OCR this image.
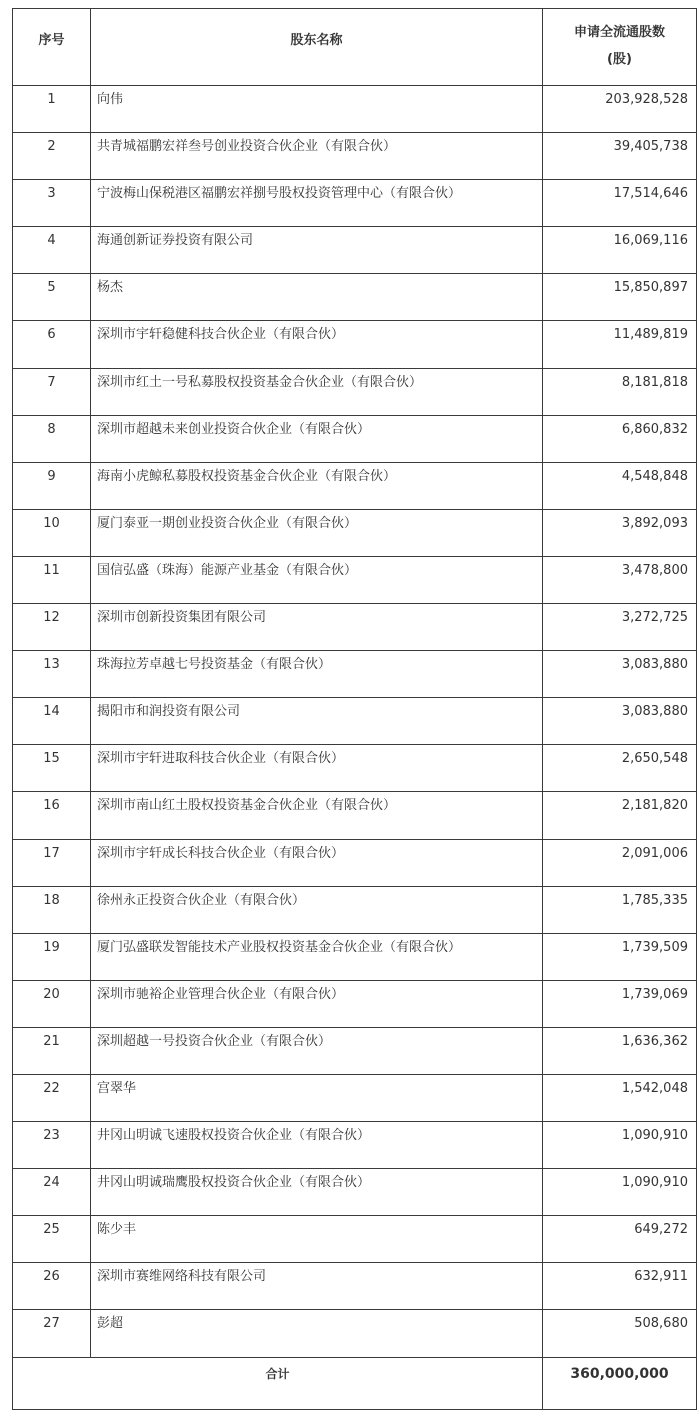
序号	股东名称	申请全流通股数
(股)

1	向伟	203,928,528
2	共青城福鹏宏祥叁号创业投资合伙企业（有限合伙）	39,405,738
3	宁波梅山保税港区福鹏宏祥捌号股权投资管理中心（有限合伙）	17,514,646
4	海通创新证券投资有限公司	16,069,116
5	杨杰	15,850,897
6	深圳市宇轩稳健科技合伙企业（有限合伙）	11,489,819
7	深圳市红土一号私募股权投资基金合伙企业（有限合伙）	8,181,818
8	深圳市超越未来创业投资合伙企业（有限合伙）	6,860,832
9	海南小虎鲸私募股权投资基金合伙企业（有限合伙）	4,548,848
10	厦门泰亚一期创业投资合伙企业（有限合伙）	3,892,093
11	国信弘盛（珠海）能源产业基金（有限合伙）	3,478,800
12	深圳市创新投资集团有限公司	3,272,725
13	珠海拉芳卓越七号投资基金（有限合伙）	3,083,880
14	揭阳市和润投资有限公司	3,083,880
15	深圳市宇轩进取科技合伙企业（有限合伙）	2,650,548
16	深圳市南山红土股权投资基金合伙企业（有限合伙）	2,181,820
17	深圳市宇轩成长科技合伙企业（有限合伙）	2,091,006
18	徐州永正投资合伙企业（有限合伙）	1,785,335
19	厦门弘盛联发智能技术产业股权投资基金合伙企业（有限合伙）	1,739,509
20	深圳市驰裕企业管理合伙企业（有限合伙）	1,739,069
21	深圳超越一号投资合伙企业（有限合伙）	1,636,362
22	宫翠华	1,542,048
23	井冈山明诚飞速股权投资合伙企业（有限合伙）	1,090,910
24	井冈山明诚瑞鹰股权投资合伙企业（有限合伙）	1,090,910
25	陈少丰	649,272
26	深圳市赛维网络科技有限公司	632,911
27	彭超	508,680
合计		360,000,000
